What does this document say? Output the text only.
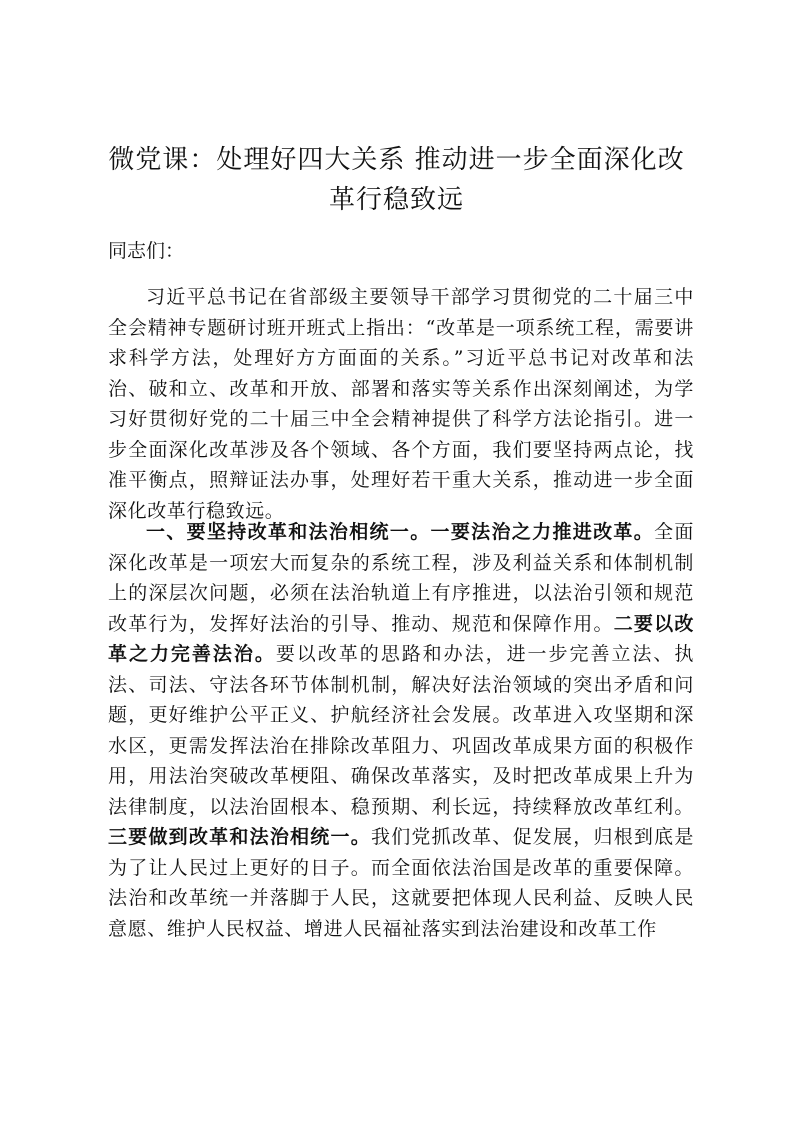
微党课：处理好四大关系 推动进一步全面深化改革行稳致远

同志们：

习近平总书记在省部级主要领导干部学习贯彻党的二十届三中全会精神专题研讨班开班式上指出：“改革是一项系统工程，需要讲求科学方法，处理好方方面面的关系。”习近平总书记对改革和法治、破和立、改革和开放、部署和落实等关系作出深刻阐述，为学习好贯彻好党的二十届三中全会精神提供了科学方法论指引。进一步全面深化改革涉及各个领域、各个方面，我们要坚持两点论，找准平衡点，照辩证法办事，处理好若干重大关系，推动进一步全面深化改革行稳致远。

一、要坚持改革和法治相统一。一要法治之力推进改革。全面深化改革是一项宏大而复杂的系统工程，涉及利益关系和体制机制上的深层次问题，必须在法治轨道上有序推进，以法治引领和规范改革行为，发挥好法治的引导、推动、规范和保障作用。二要以改革之力完善法治。要以改革的思路和办法，进一步完善立法、执法、司法、守法各环节体制机制，解决好法治领域的突出矛盾和问题，更好维护公平正义、护航经济社会发展。改革进入攻坚期和深水区，更需发挥法治在排除改革阻力、巩固改革成果方面的积极作用，用法治突破改革梗阻、确保改革落实，及时把改革成果上升为法律制度，以法治固根本、稳预期、利长远，持续释放改革红利。三要做到改革和法治相统一。我们党抓改革、促发展，归根到底是为了让人民过上更好的日子。而全面依法治国是改革的重要保障。法治和改革统一并落脚于人民，这就要把体现人民利益、反映人民意愿、维护人民权益、增进人民福祉落实到法治建设和改革工作
